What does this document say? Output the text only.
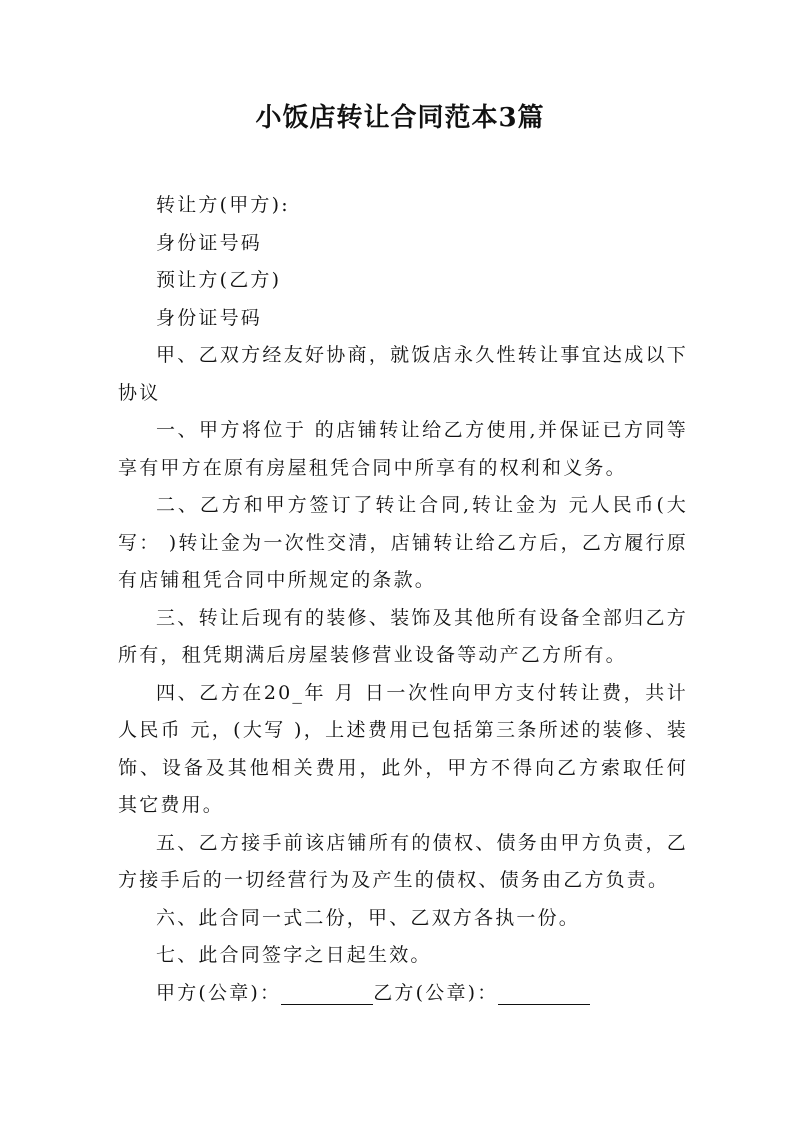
小饭店转让合同范本3篇

转让方(甲方):

身份证号码

预让方(乙方)

身份证号码

甲、乙双方经友好协商，就饭店永久性转让事宜达成以下协议

一、甲方将位于 的店铺转让给乙方使用,并保证已方同等享有甲方在原有房屋租凭合同中所享有的权利和义务。

二、乙方和甲方签订了转让合同,转让金为 元人民币(大写： )转让金为一次性交清，店铺转让给乙方后，乙方履行原有店铺租凭合同中所规定的条款。

三、转让后现有的装修、装饰及其他所有设备全部归乙方所有，租凭期满后房屋装修营业设备等动产乙方所有。

四、乙方在20_年 月 日一次性向甲方支付转让费，共计人民币 元，(大写 )，上述费用已包括第三条所述的装修、装饰、设备及其他相关费用，此外，甲方不得向乙方索取任何其它费用。

五、乙方接手前该店铺所有的债权、债务由甲方负责，乙方接手后的一切经营行为及产生的债权、债务由乙方负责。

六、此合同一式二份，甲、乙双方各执一份。

七、此合同签字之日起生效。

甲方(公章)：	乙方(公章)：
